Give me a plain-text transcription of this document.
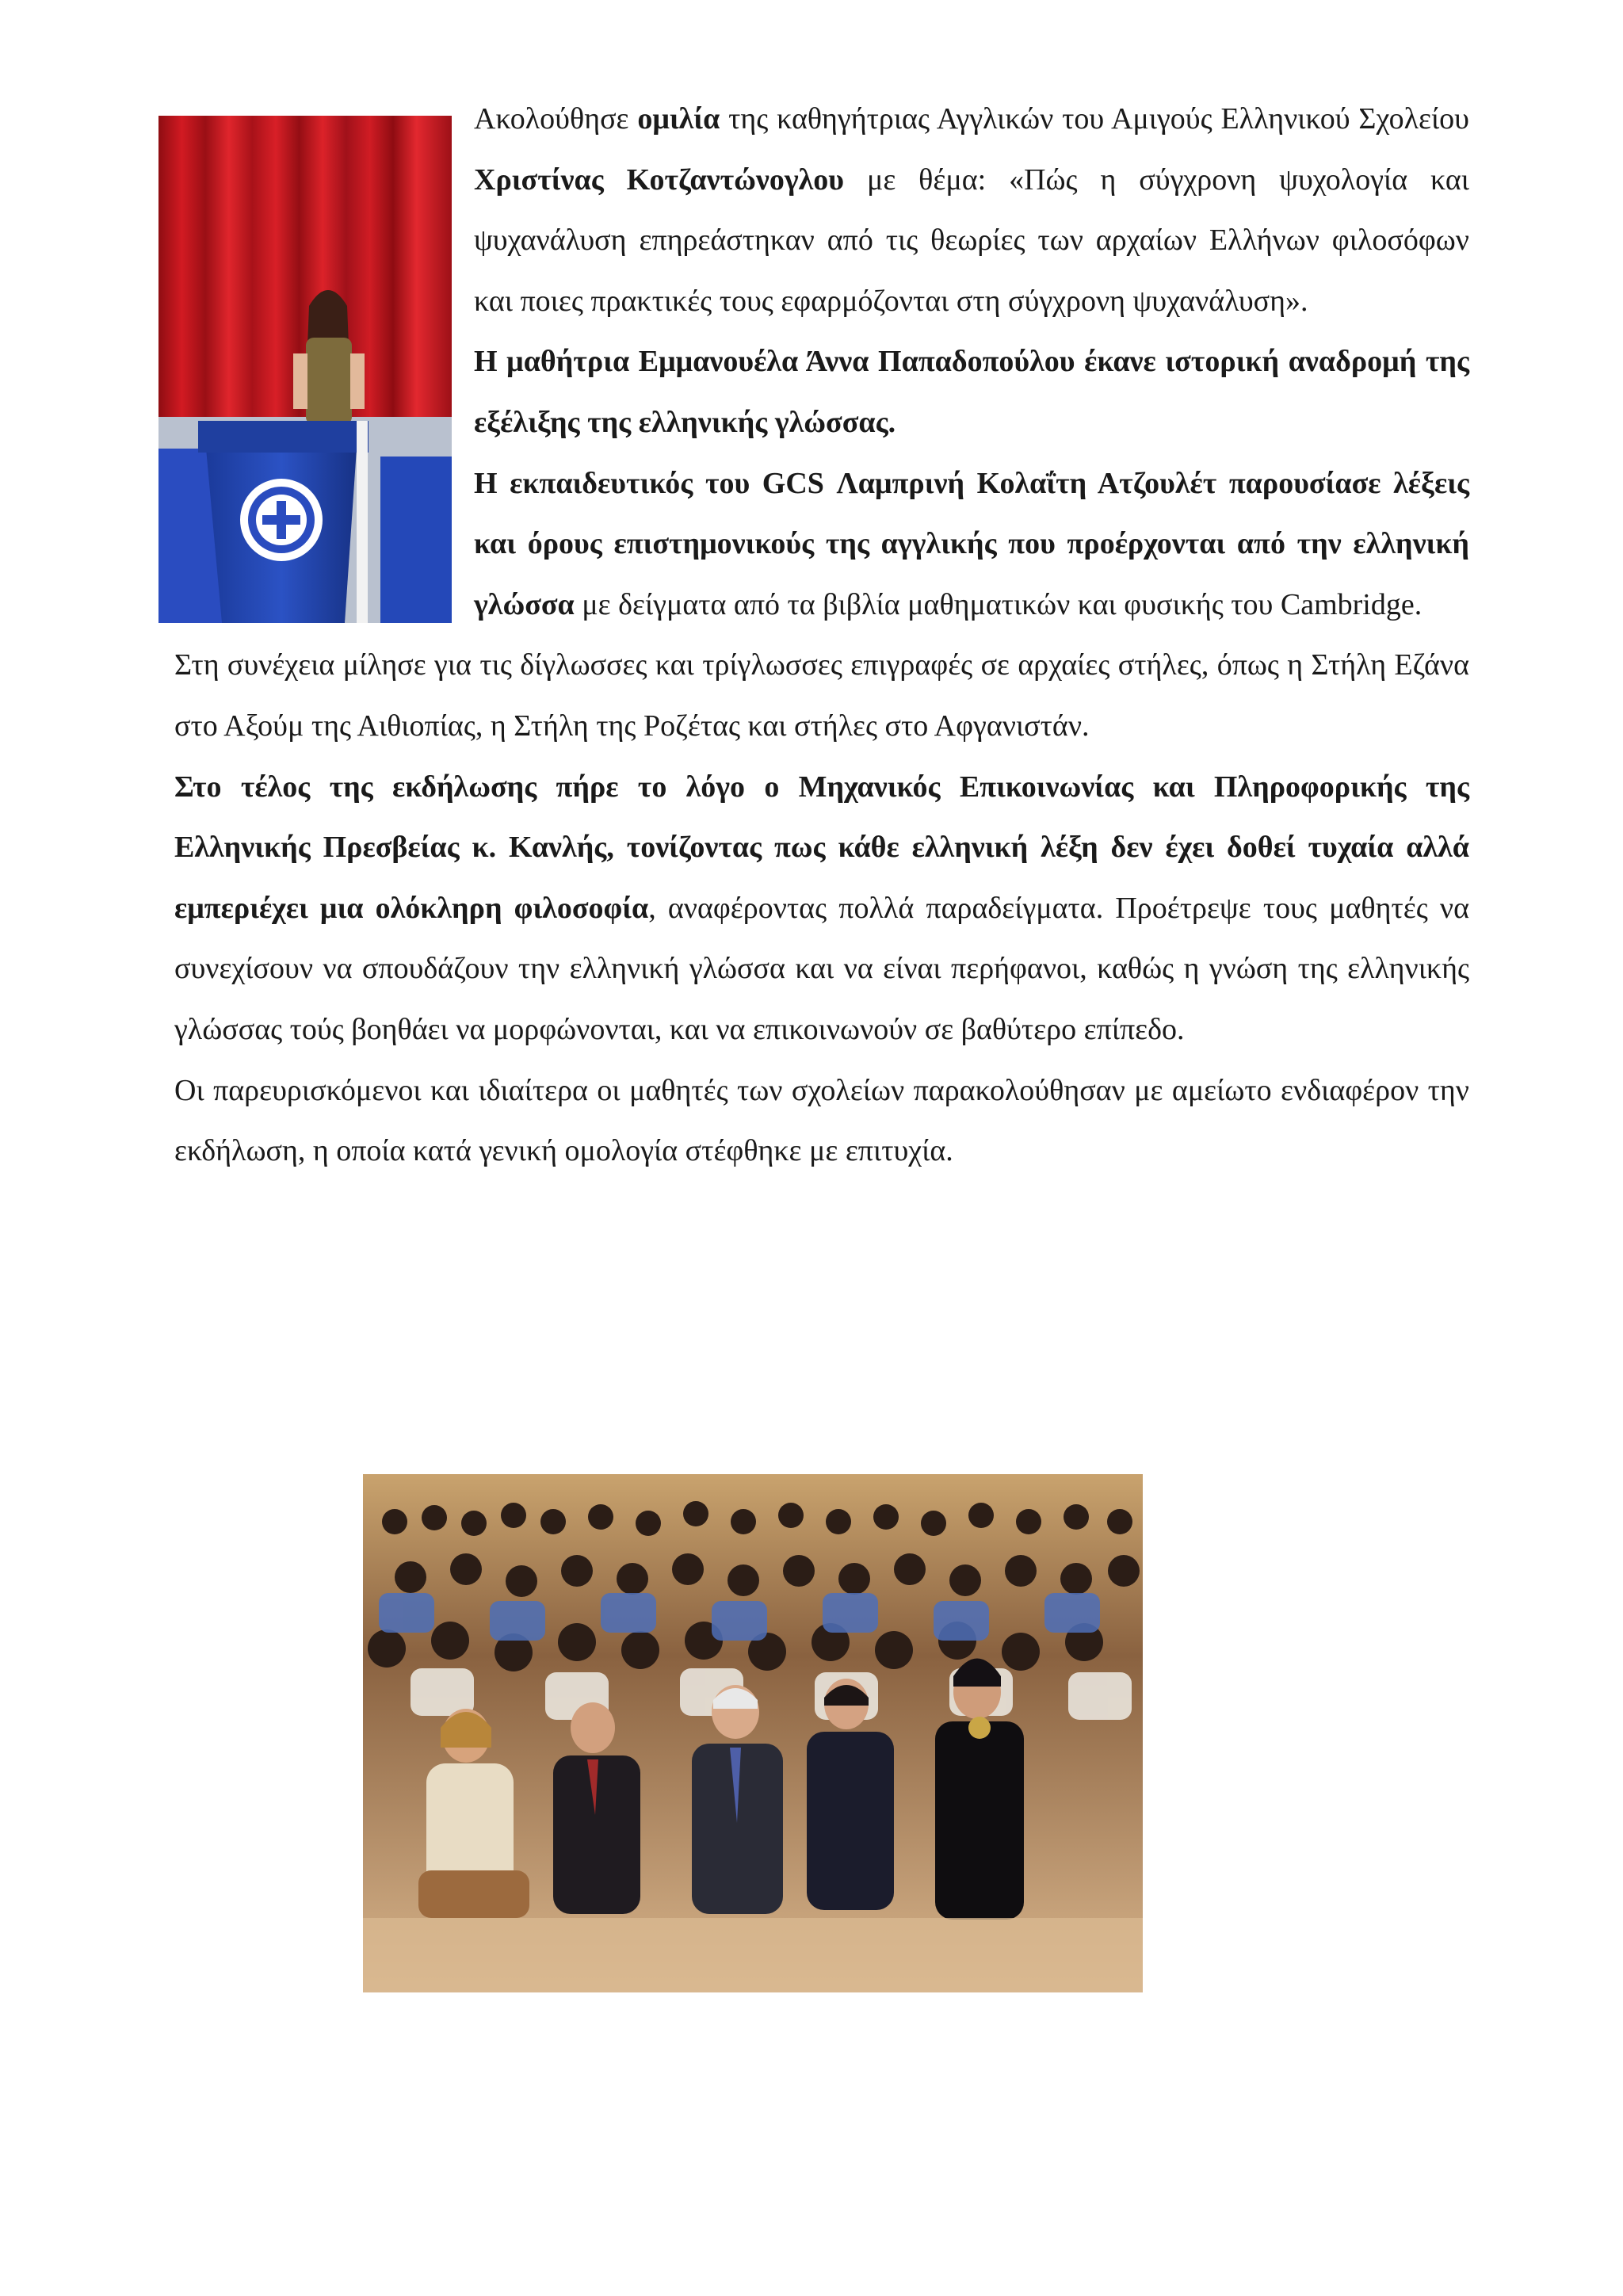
Ακολούθησε ομιλία της καθηγήτριας Αγγλικών του Αμιγούς Ελληνικού Σχολείου Χριστίνας Κοτζαντώνογλου με θέμα: «Πώς η σύγχρονη ψυχολογία και ψυχανάλυση επηρεάστηκαν από τις θεωρίες των αρχαίων Ελλήνων φιλοσόφων και ποιες πρακτικές τους εφαρμόζονται στη σύγχρονη ψυχανάλυση».

Η μαθήτρια Εμμανουέλα Άννα Παπαδοπούλου έκανε ιστορική αναδρομή της εξέλιξης της ελληνικής γλώσσας.

Η εκπαιδευτικός του GCS Λαμπρινή Κολαΐτη Ατζουλέτ παρουσίασε λέξεις και όρους επιστημονικούς της αγγλικής που προέρχονται από την ελληνική γλώσσα με δείγματα από τα βιβλία μαθηματικών και φυσικής του Cambridge.

Στη συνέχεια μίλησε για τις δίγλωσσες και τρίγλωσσες επιγραφές σε αρχαίες στήλες, όπως η Στήλη Εζάνα στο Αξούμ της Αιθιοπίας, η Στήλη της Ροζέτας και στήλες στο Αφγανιστάν.

Στο τέλος της εκδήλωσης πήρε το λόγο ο Μηχανικός Επικοινωνίας και Πληροφορικής της Ελληνικής Πρεσβείας κ. Κανλής, τονίζοντας πως κάθε ελληνική λέξη δεν έχει δοθεί τυχαία αλλά εμπεριέχει μια ολόκληρη φιλοσοφία, αναφέροντας πολλά παραδείγματα. Προέτρεψε τους μαθητές να συνεχίσουν να σπουδάζουν την ελληνική γλώσσα και να είναι περήφανοι, καθώς η γνώση της ελληνικής γλώσσας τούς βοηθάει να μορφώνονται, και να επικοινωνούν σε βαθύτερο επίπεδο.

Οι παρευρισκόμενοι και ιδιαίτερα οι μαθητές των σχολείων παρακολούθησαν με αμείωτο ενδιαφέρον την εκδήλωση, η οποία κατά γενική ομολογία στέφθηκε με επιτυχία.
